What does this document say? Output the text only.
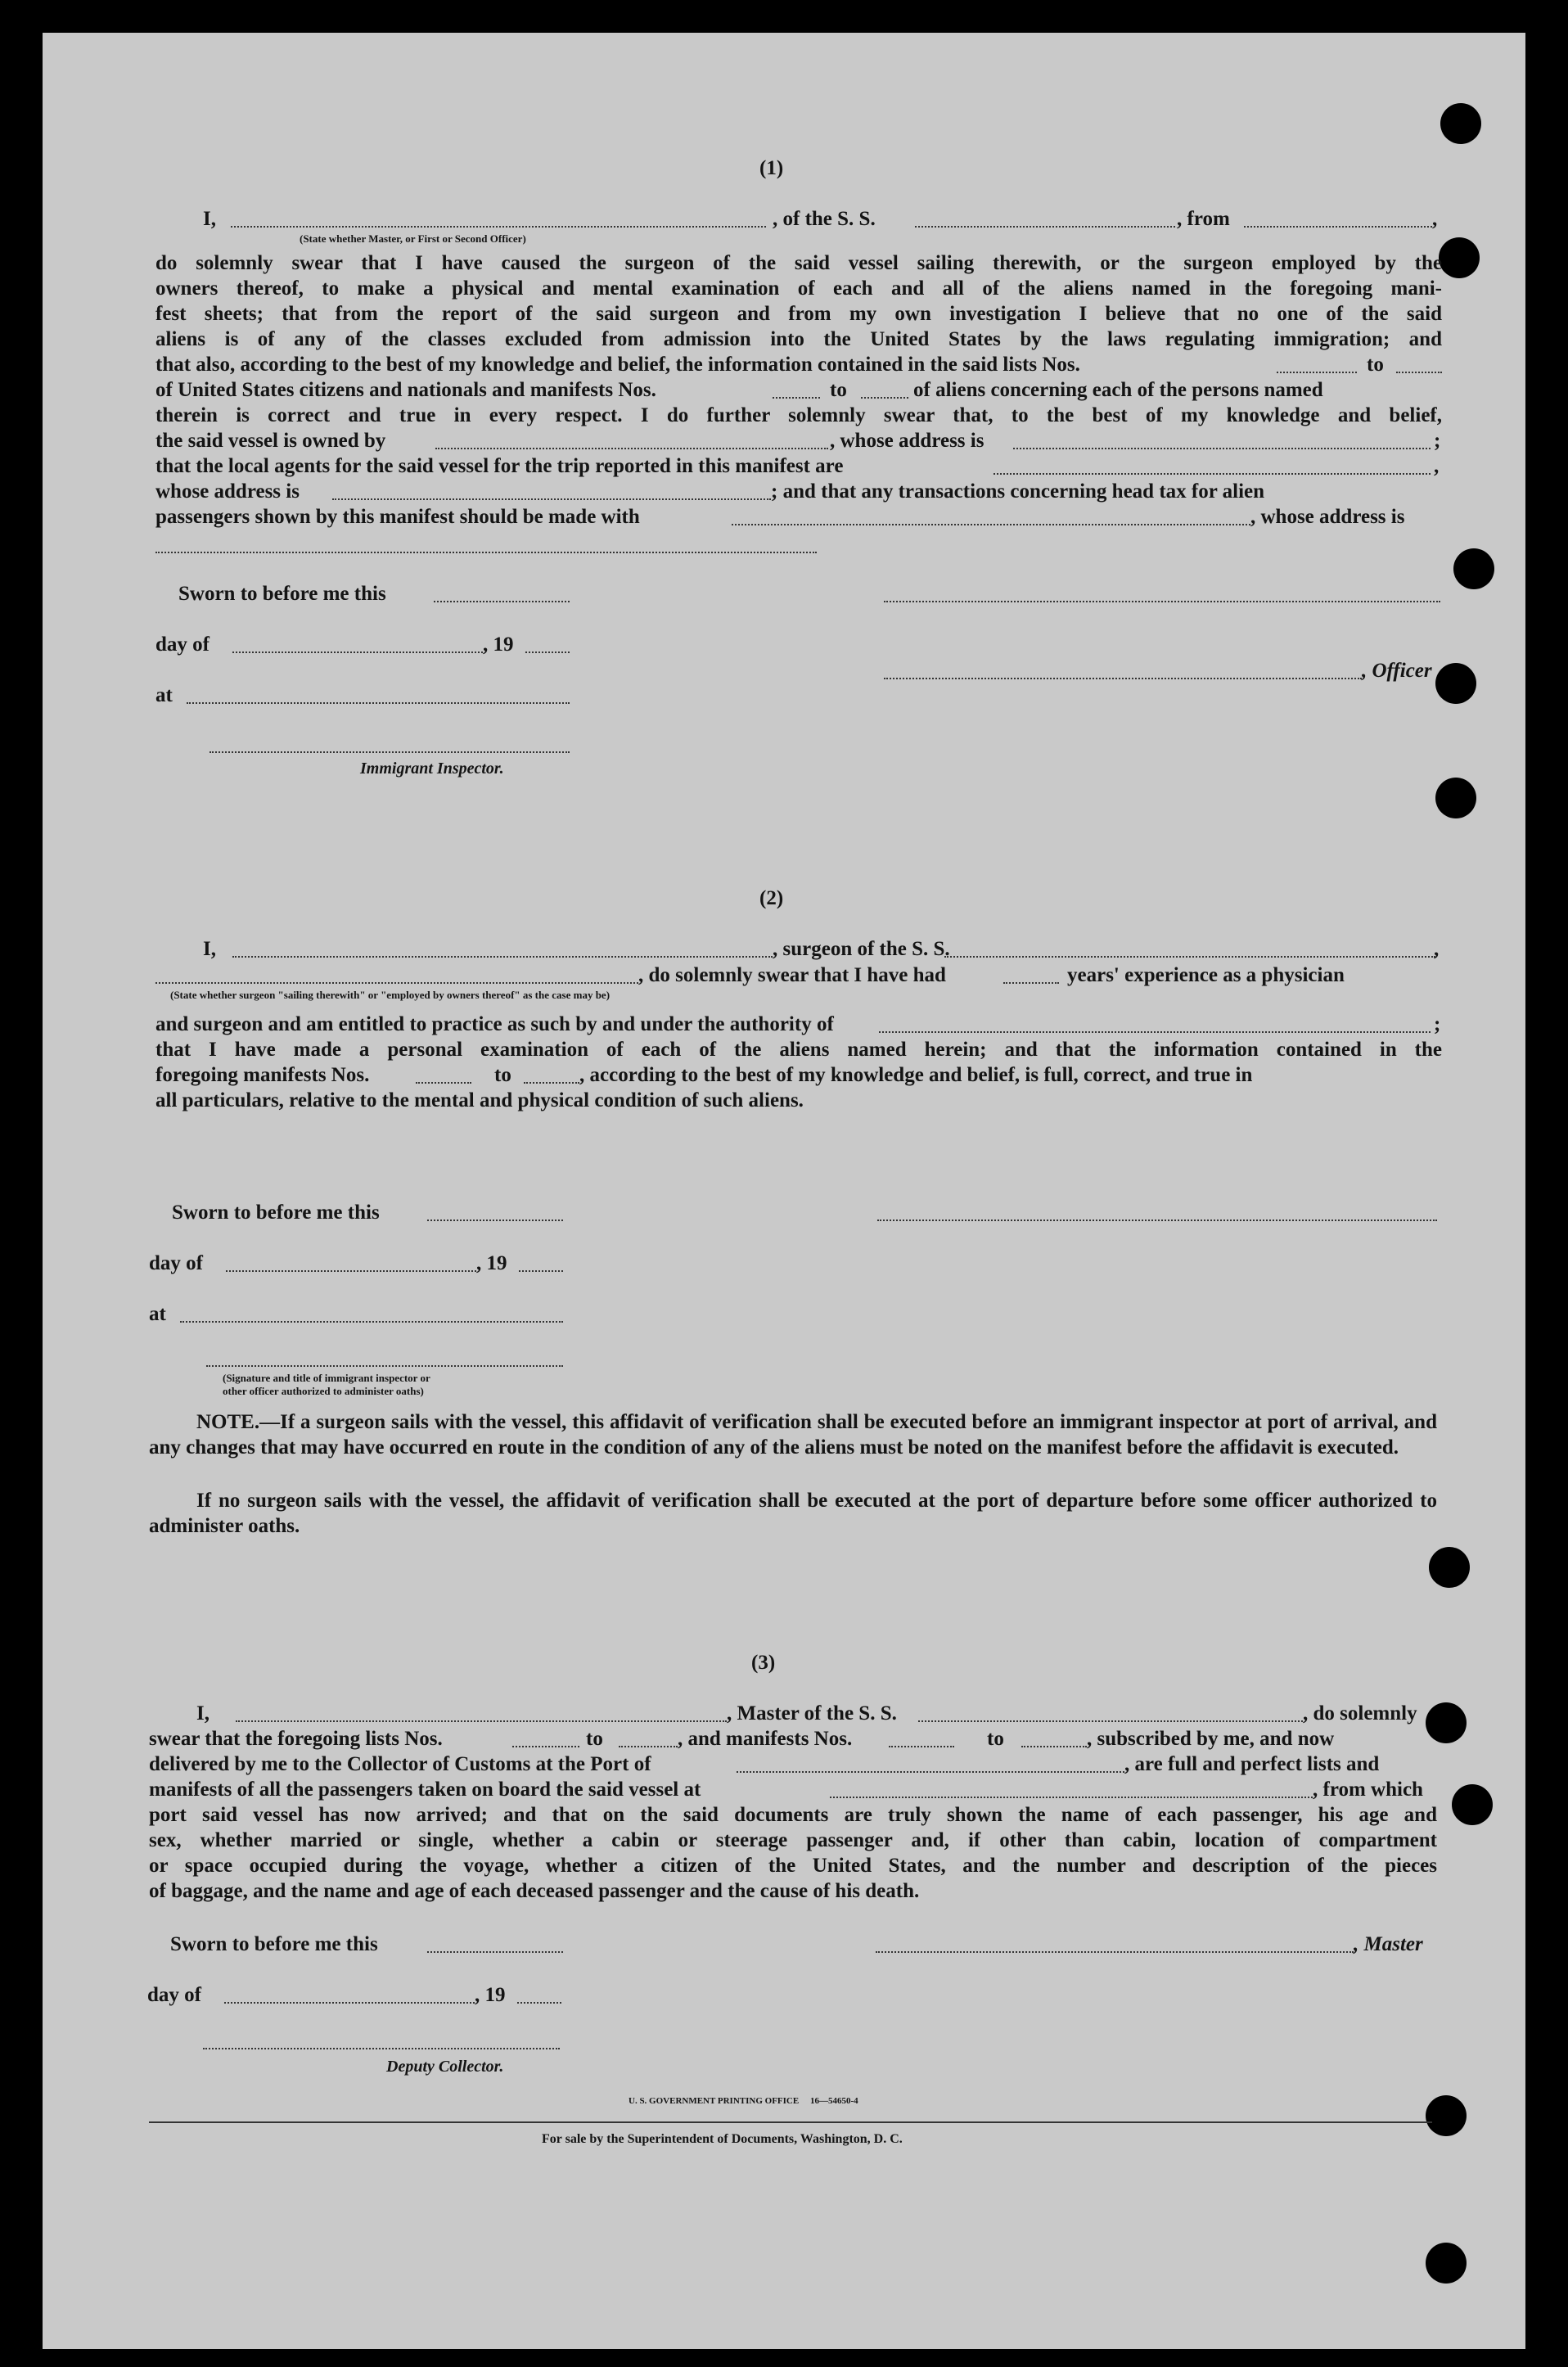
(1)
I,	, of the S. S.	, from	,
(State whether Master, or First or Second Officer)
do solemnly swear that I have caused the surgeon of the said vessel sailing therewith, or the surgeon employed by the
owners thereof, to make a physical and mental examination of each and all of the aliens named in the foregoing mani-
fest sheets; that from the report of the said surgeon and from my own investigation I believe that no one of the said
aliens is of any of the classes excluded from admission into the United States by the laws regulating immigration; and
that also, according to the best of my knowledge and belief, the information contained in the said lists Nos.	to
of United States citizens and nationals and manifests Nos.	to	of aliens concerning each of the persons named
therein is correct and true in every respect. I do further solemnly swear that, to the best of my knowledge and belief,
the said vessel is owned by	, whose address is	;
that the local agents for the said vessel for the trip reported in this manifest are	,
whose address is	; and that any transactions concerning head tax for alien
passengers shown by this manifest should be made with	, whose address is
Sworn to before me this
day of	, 19
, Officer
at
Immigrant Inspector.
(2)
I,	, surgeon of the S. S.	,
, do solemnly swear that I have had	years' experience as a physician
(State whether surgeon "sailing therewith" or "employed by owners thereof" as the case may be)
and surgeon and am entitled to practice as such by and under the authority of	;
that I have made a personal examination of each of the aliens named herein; and that the information contained in the
foregoing manifests Nos.	to	, according to the best of my knowledge and belief, is full, correct, and true in
all particulars, relative to the mental and physical condition of such aliens.
Sworn to before me this
day of	, 19
at
(Signature and title of immigrant inspector or
other officer authorized to administer oaths)
NOTE.—If a surgeon sails with the vessel, this affidavit of verification shall be executed before an immigrant inspector at port of arrival, and any changes that may have occurred en route in the condition of any of the aliens must be noted on the manifest before the affidavit is executed.
If no surgeon sails with the vessel, the affidavit of verification shall be executed at the port of departure before some officer authorized to administer oaths.
(3)
I,	, Master of the S. S.	, do solemnly
swear that the foregoing lists Nos.	to	, and manifests Nos.	to	, subscribed by me, and now
delivered by me to the Collector of Customs at the Port of	, are full and perfect lists and
manifests of all the passengers taken on board the said vessel at	, from which
port said vessel has now arrived; and that on the said documents are truly shown the name of each passenger, his age and
sex, whether married or single, whether a cabin or steerage passenger and, if other than cabin, location of compartment
or space occupied during the voyage, whether a citizen of the United States, and the number and description of the pieces
of baggage, and the name and age of each deceased passenger and the cause of his death.
Sworn to before me this	, Master
day of	, 19
Deputy Collector.
U. S. GOVERNMENT PRINTING OFFICE     16—54650-4
For sale by the Superintendent of Documents, Washington, D. C.
